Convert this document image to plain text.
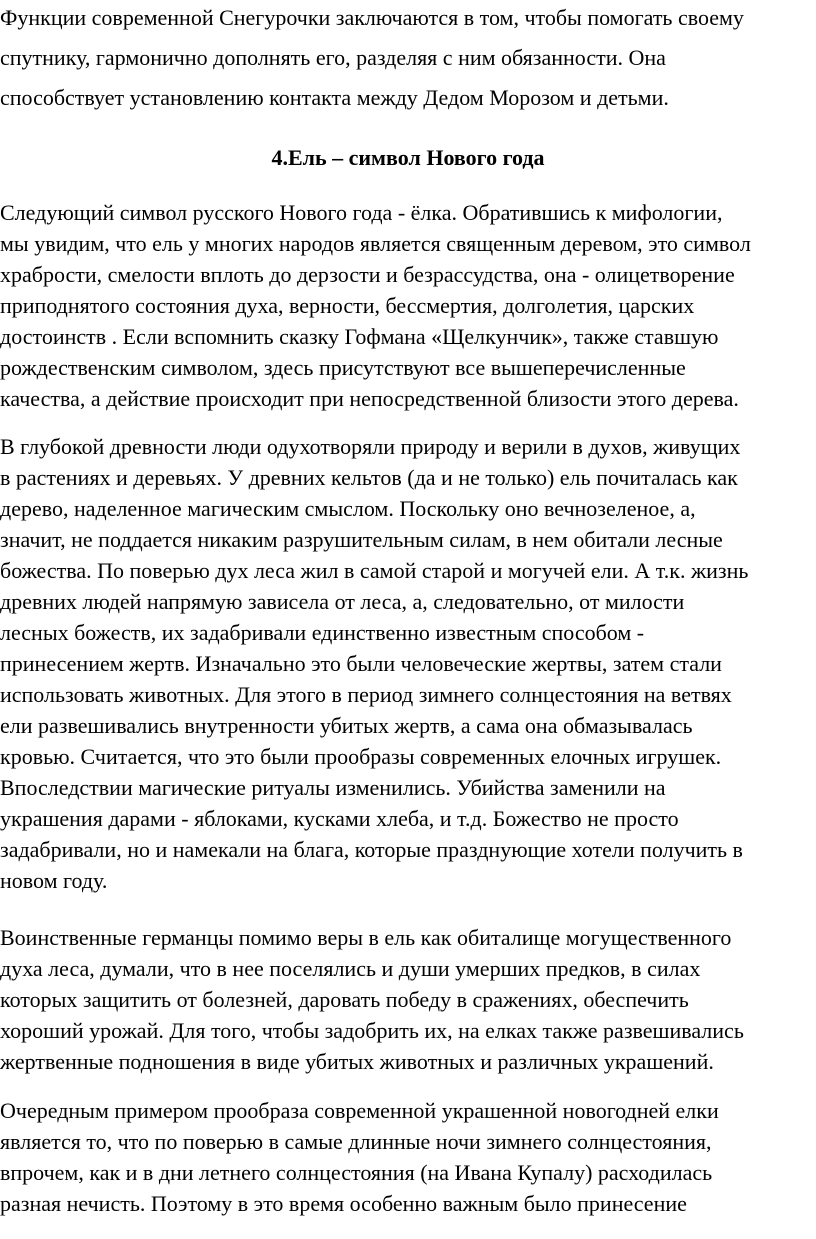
Функции современной Снегурочки заключаются в том, чтобы помогать своему
спутнику, гармонично дополнять его, разделяя с ним обязанности. Она
способствует установлению контакта между Дедом Морозом и детьми.
4.Ель – символ Нового года
Следующий символ русского Нового года - ёлка. Обратившись к мифологии,
мы увидим, что ель у многих народов является священным деревом, это символ
храбрости, смелости вплоть до дерзости и безрассудства, она - олицетворение
приподнятого состояния духа, верности, бессмертия, долголетия, царских
достоинств . Если вспомнить сказку Гофмана «Щелкунчик», также ставшую
рождественским символом, здесь присутствуют все вышеперечисленные
качества, а действие происходит при непосредственной близости этого дерева.
В глубокой древности люди одухотворяли природу и верили в духов, живущих
в растениях и деревьях. У древних кельтов (да и не только) ель почиталась как
дерево, наделенное магическим смыслом. Поскольку оно вечнозеленое, а,
значит, не поддается никаким разрушительным силам, в нем обитали лесные
божества. По поверью дух леса жил в самой старой и могучей ели. А т.к. жизнь
древних людей напрямую зависела от леса, а, следовательно, от милости
лесных божеств, их задабривали единственно известным способом -
принесением жертв. Изначально это были человеческие жертвы, затем стали
использовать животных. Для этого в период зимнего солнцестояния на ветвях
ели развешивались внутренности убитых жертв, а сама она обмазывалась
кровью. Считается, что это были прообразы современных елочных игрушек.
Впоследствии магические ритуалы изменились. Убийства заменили на
украшения дарами - яблоками, кусками хлеба, и т.д. Божество не просто
задабривали, но и намекали на блага, которые празднующие хотели получить в
новом году.
Воинственные германцы помимо веры в ель как обиталище могущественного
духа леса, думали, что в нее поселялись и души умерших предков, в силах
которых защитить от болезней, даровать победу в сражениях, обеспечить
хороший урожай. Для того, чтобы задобрить их, на елках также развешивались
жертвенные подношения в виде убитых животных и различных украшений.
Очередным примером прообраза современной украшенной новогодней елки
является то, что по поверью в самые длинные ночи зимнего солнцестояния,
впрочем, как и в дни летнего солнцестояния (на Ивана Купалу) расходилась
разная нечисть. Поэтому в это время особенно важным было принесение
